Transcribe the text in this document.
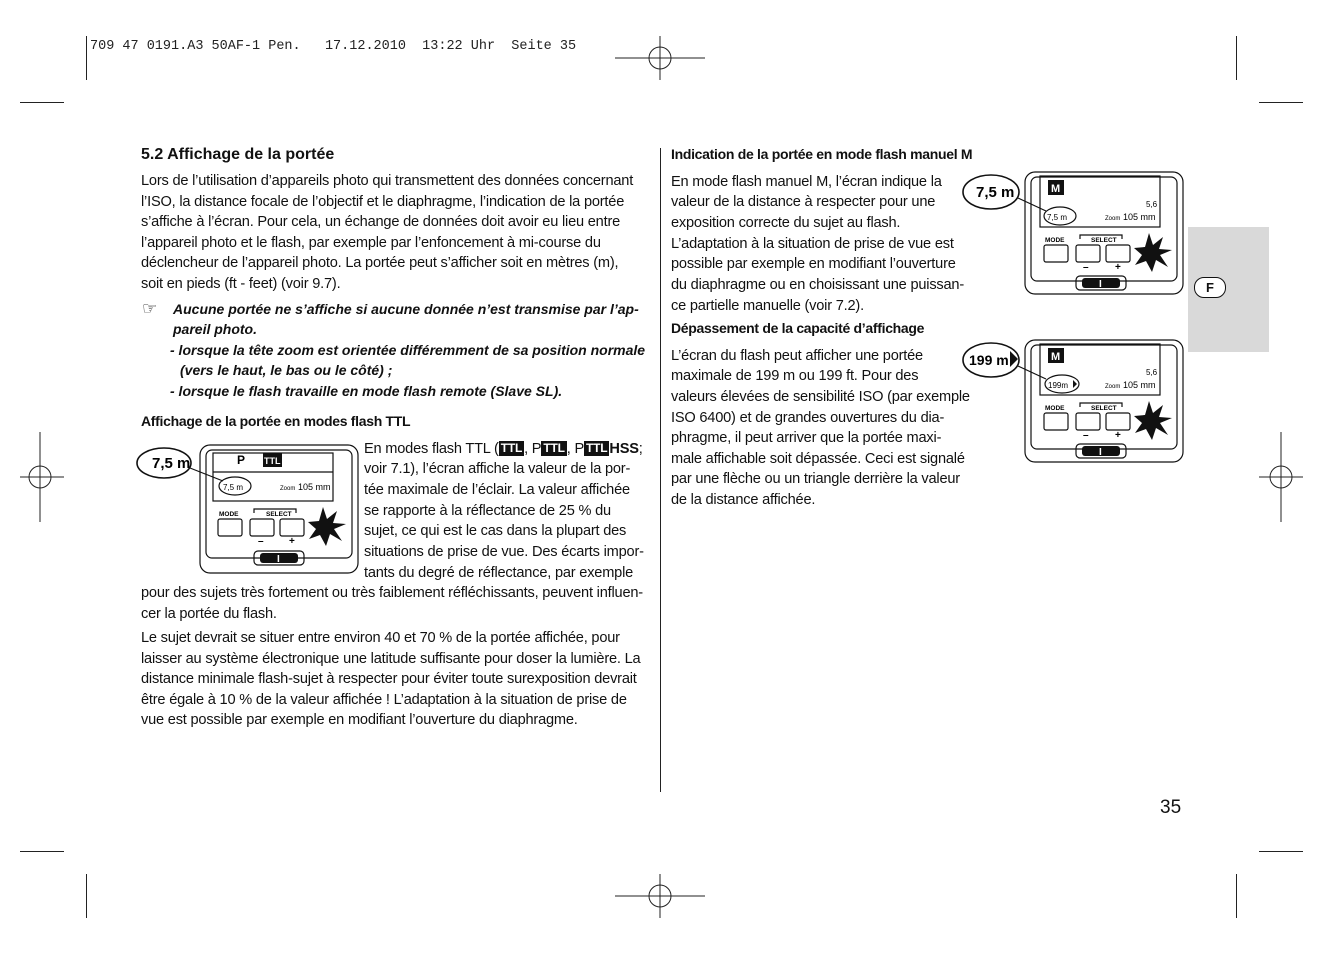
709 47 0191.A3 50AF-1 Pen.   17.12.2010  13:22 Uhr  Seite 35
5.2 Affichage de la portée
Lors de l’utilisation d’appareils photo qui transmettent des données concernant
l’ISO, la distance focale de l’objectif et le diaphragme, l’indication de la portée
s’affiche à l’écran. Pour cela, un échange de données doit avoir eu lieu entre
l’appareil photo et le flash, par exemple par l’enfoncement à mi-course du
déclencheur de l’appareil photo. La portée peut s’afficher soit en mètres (m),
soit en pieds (ft - feet) (voir 9.7).
☞ Aucune portée ne s’affiche si aucune donnée n’est transmise par l’ap-
pareil photo.
- lorsque la tête zoom est orientée différemment de sa position normale
(vers le haut, le bas ou le côté) ;
- lorsque le flash travaille en mode flash remote (Slave SL).
Affichage de la portée en modes flash TTL
En modes flash TTL ( TTL , P TTL , P TTL HSS;
voir 7.1), l’écran affiche la valeur de la por-
tée maximale de l’éclair. La valeur affichée
se rapporte à la réflectance de 25 % du
sujet, ce qui est le cas dans la plupart des
situations de prise de vue. Des écarts impor-
tants du degré de réflectance, par exemple
pour des sujets très fortement ou très faiblement réfléchissants, peuvent influen-
cer la portée du flash.
Le sujet devrait se situer entre environ 40 et 70 % de la portée affichée, pour
laisser au système électronique une latitude suffisante pour doser la lumière. La
distance minimale flash-sujet à respecter pour éviter toute surexposition devrait
être égale à 10 % de la valeur affichée ! L’adaptation à la situation de prise de
vue est possible par exemple en modifiant l’ouverture du diaphragme.
7,5 m	P TTL
7,5 m	Zoom 105 mm
MODE	SELECT
–	+
I
Indication de la portée en mode flash manuel M
En mode flash manuel M, l’écran indique la
valeur de la distance à respecter pour une
exposition correcte du sujet au flash.
L’adaptation à la situation de prise de vue est
possible par exemple en modifiant l’ouverture
du diaphragme ou en choisissant une puissan-
ce partielle manuelle (voir 7.2).
Dépassement de la capacité d’affichage
L’écran du flash peut afficher une portée
maximale de 199 m ou 199 ft. Pour des
valeurs élevées de sensibilité ISO (par exemple
ISO 6400) et de grandes ouvertures du dia-
phragme, il peut arriver que la portée maxi-
male affichable soit dépassée. Ceci est signalé
par une flèche ou un triangle derrière la valeur
de la distance affichée.
7,5 m	M
5,6
7,5 m	Zoom 105 mm
MODE	SELECT
–	+
I
199 m	M
5,6
199m	Zoom 105 mm
MODE	SELECT
–	+
I
F
35
